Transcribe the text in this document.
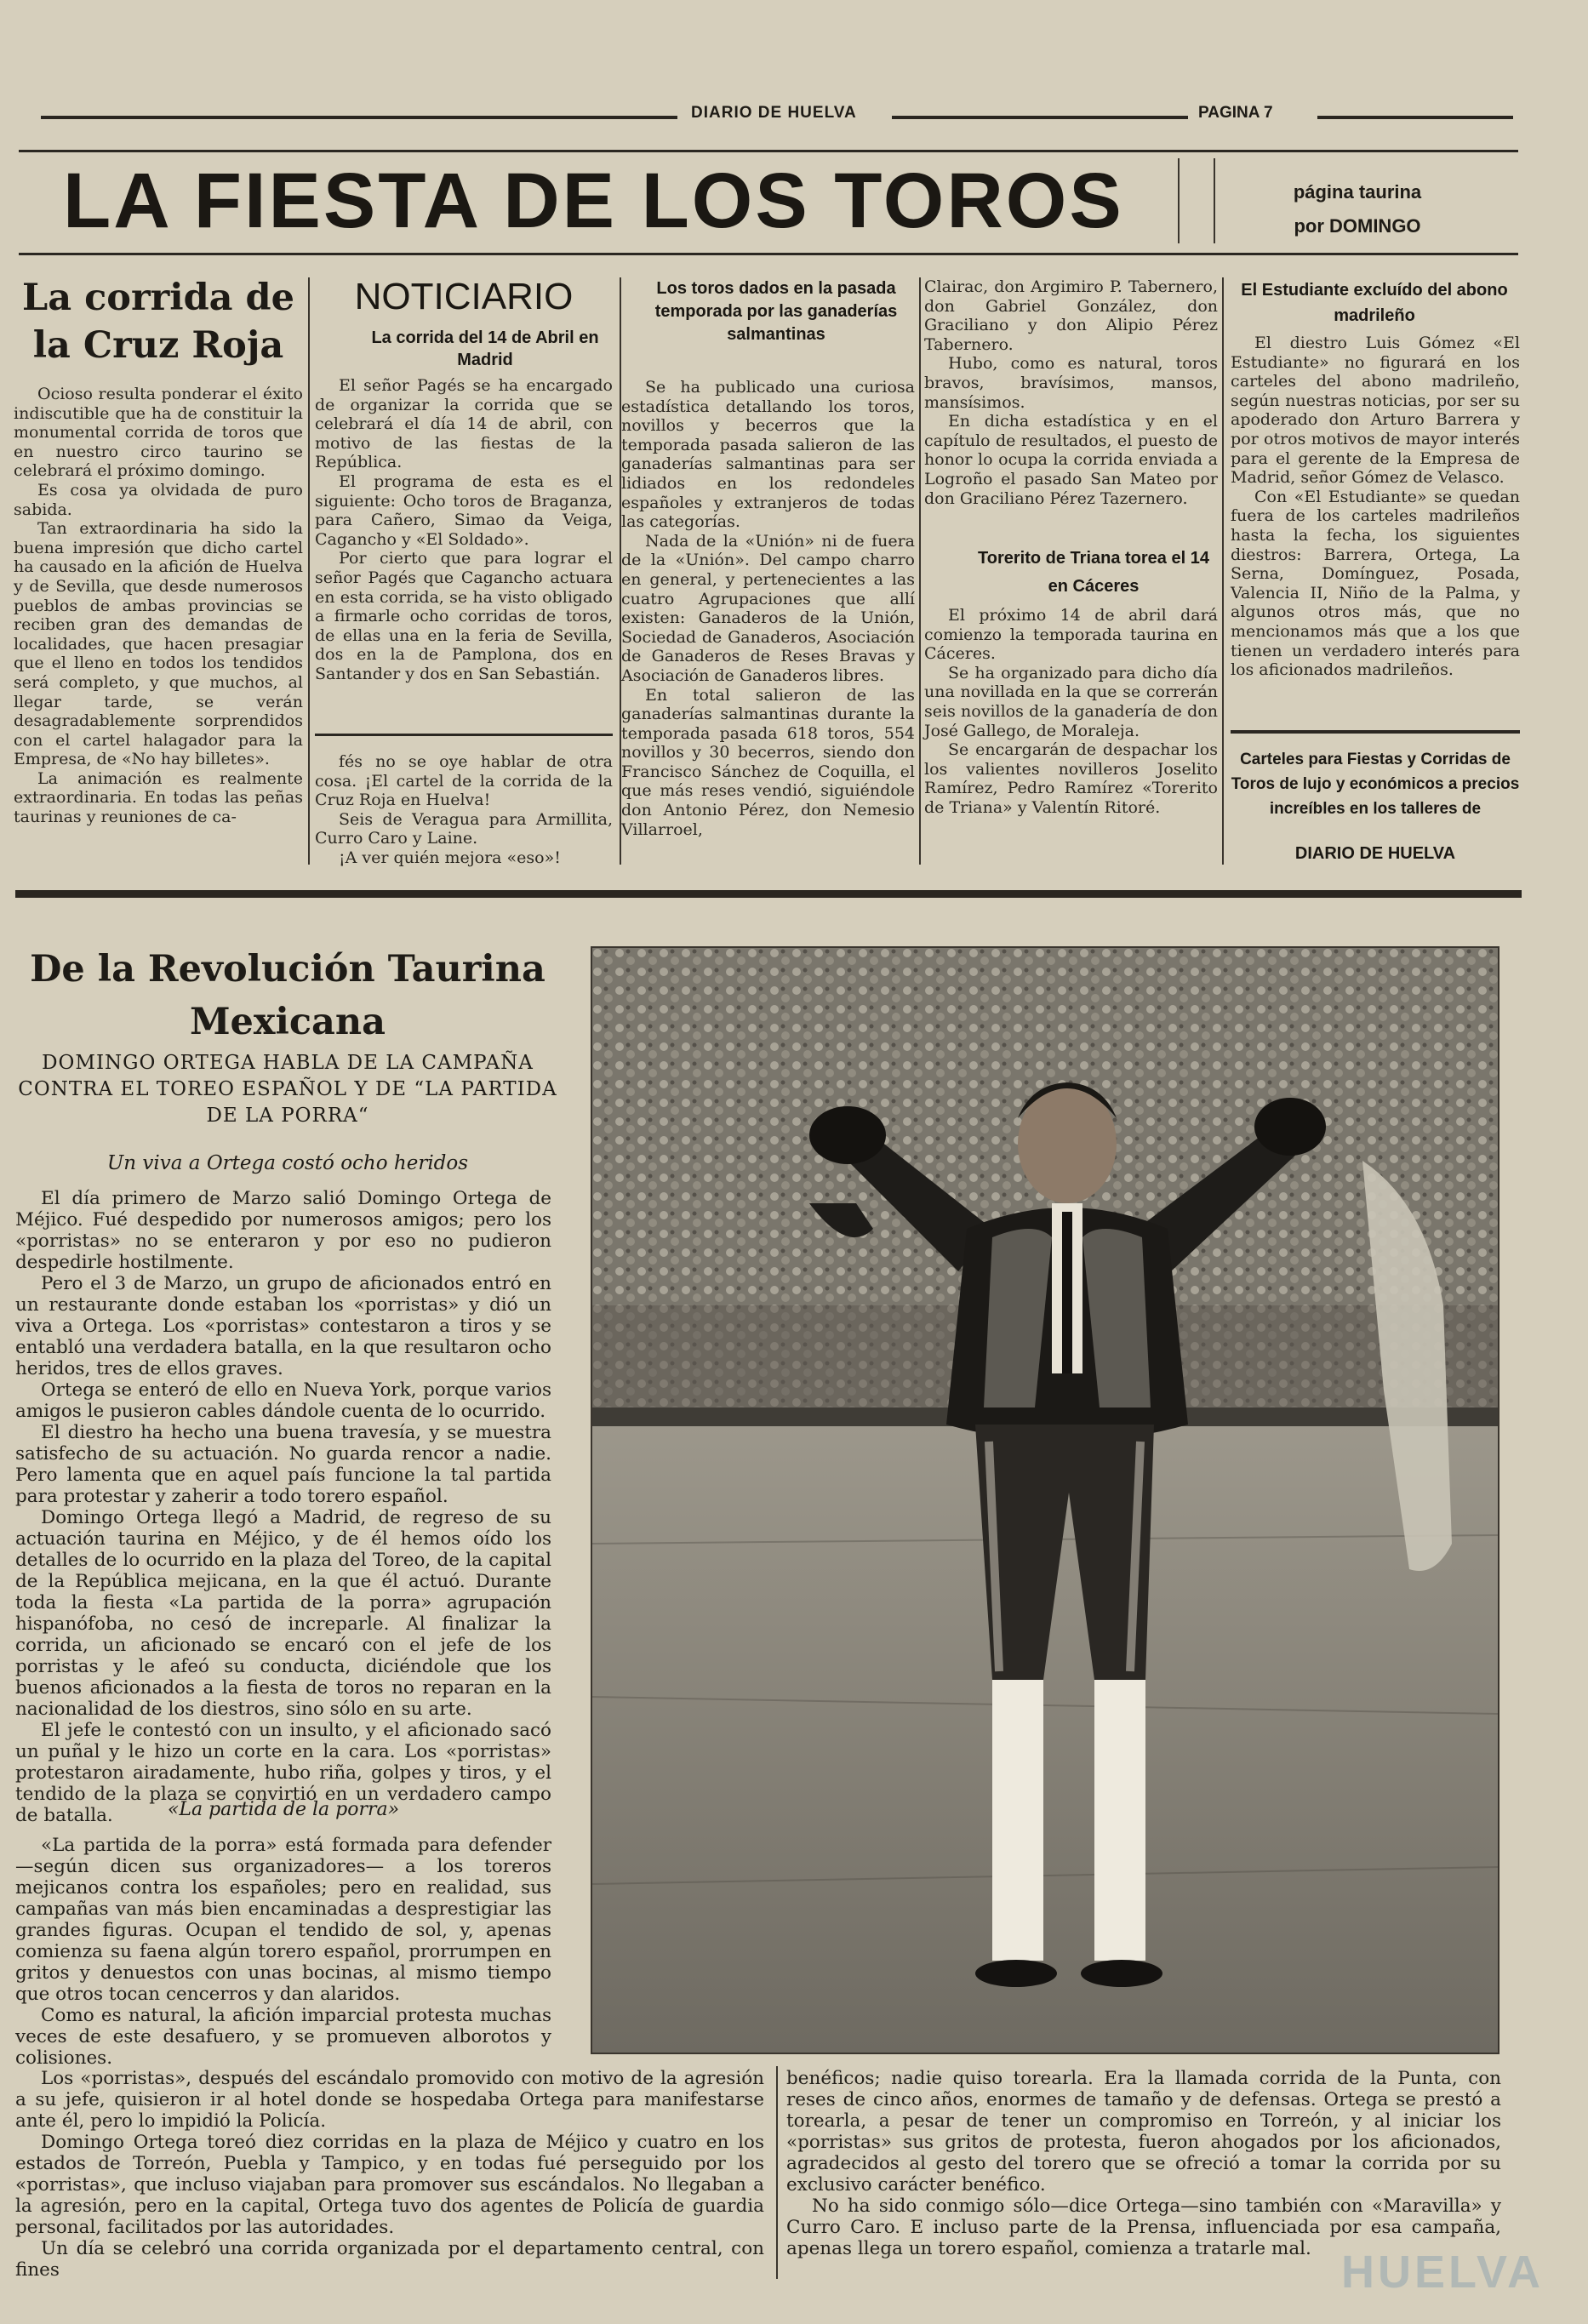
DIARIO DE HUELVA	PAGINA 7
LA FIESTA DE LOS TOROS	página taurina
por DOMINGO
La corrida de la Cruz Roja

Ocioso resulta ponderar el éxito indiscutible que ha de constituir la monumental corrida de toros que en nuestro circo taurino se celebrará el próximo domingo.

Es cosa ya olvidada de puro sabida.

Tan extraordinaria ha sido la buena impresión que dicho cartel ha causado en la afición de Huelva y de Sevilla, que desde numerosos pueblos de ambas provincias se reciben gran des demandas de localidades, que hacen presagiar que el lleno en todos los tendidos será completo, y que muchos, al llegar tarde, se verán desagradablemente sorprendidos con el cartel halagador para la Empresa, de «No hay billetes».

La animación es realmente extraordinaria. En todas las peñas taurinas y reuniones de ca-

NOTICIARIO
La corrida del 14 de Abril en Madrid

El señor Pagés se ha encargado de organizar la corrida que se celebrará el día 14 de abril, con motivo de las fiestas de la República.

El programa de esta es el siguiente: Ocho toros de Braganza, para Cañero, Simao da Veiga, Cagancho y «El Soldado».

Por cierto que para lograr el señor Pagés que Cagancho actuara en esta corrida, se ha visto obligado a firmarle ocho corridas de toros, de ellas una en la feria de Sevilla, dos en la de Pamplona, dos en Santander y dos en San Sebastián.

fés no se oye hablar de otra cosa. ¡El cartel de la corrida de la Cruz Roja en Huelva!

Seis de Veragua para Armillita, Curro Caro y Laine.

¡A ver quién mejora «eso»!

Los toros dados en la pasada temporada por las ganaderías salmantinas

Se ha publicado una curiosa estadística detallando los toros, novillos y becerros que la temporada pasada salieron de las ganaderías salmantinas para ser lidiados en los redondeles españoles y extranjeros de todas las categorías.

Nada de la «Unión» ni de fuera de la «Unión». Del campo charro en general, y pertenecientes a las cuatro Agrupaciones que allí existen: Ganaderos de la Unión, Sociedad de Ganaderos, Asociación de Ganaderos de Reses Bravas y Asociación de Ganaderos libres.

En total salieron de las ganaderías salmantinas durante la temporada pasada 618 toros, 554 novillos y 30 becerros, siendo don Francisco Sánchez de Coquilla, el que más reses vendió, siguiéndole don Antonio Pérez, don Nemesio Villarroel,

Clairac, don Argimiro P. Tabernero, don Gabriel González, don Graciliano y don Alipio Pérez Tabernero.

Hubo, como es natural, toros bravos, bravísimos, mansos, mansísimos.

En dicha estadística y en el capítulo de resultados, el puesto de honor lo ocupa la corrida enviada a Logroño el pasado San Mateo por don Graciliano Pérez Tazernero.

Torerito de Triana torea el 14 en Cáceres

El próximo 14 de abril dará comienzo la temporada taurina en Cáceres.

Se ha organizado para dicho día una novillada en la que se correrán seis novillos de la ganadería de don José Gallego, de Moraleja.

Se encargarán de despachar los los valientes novilleros Joselito Ramírez, Pedro Ramírez «Torerito de Triana» y Valentín Ritoré.

El Estudiante excluído del abono madrileño

El diestro Luis Gómez «El Estudiante» no figurará en los carteles del abono madrileño, según nuestras noticias, por ser su apoderado don Arturo Barrera y por otros motivos de mayor interés para el gerente de la Empresa de Madrid, señor Gómez de Velasco.

Con «El Estudiante» se quedan fuera de los carteles madrileños hasta la fecha, los siguientes diestros: Barrera, Ortega, La Serna, Domínguez, Posada, Valencia II, Niño de la Palma, y algunos otros más, que no mencionamos más que a los que tienen un verdadero interés para los aficionados madrileños.

Carteles para Fiestas y Corridas de Toros de lujo y económicos a precios increíbles en los talleres de
DIARIO DE HUELVA
De la Revolución Taurina
Mexicana
DOMINGO ORTEGA HABLA DE LA CAMPAÑA CONTRA EL TOREO ESPAÑOL Y DE “LA PARTIDA DE LA PORRA“
Un viva a Ortega costó ocho heridos

El día primero de Marzo salió Domingo Ortega de Méjico. Fué despedido por numerosos amigos; pero los «porristas» no se enteraron y por eso no pudieron despedirle hostilmente.

Pero el 3 de Marzo, un grupo de aficionados entró en un restaurante donde estaban los «porristas» y dió un viva a Ortega. Los «porristas» contestaron a tiros y se entabló una verdadera batalla, en la que resultaron ocho heridos, tres de ellos graves.

Ortega se enteró de ello en Nueva York, porque varios amigos le pusieron cables dándole cuenta de lo ocurrido.

El diestro ha hecho una buena travesía, y se muestra satisfecho de su actuación. No guarda rencor a nadie. Pero lamenta que en aquel país funcione la tal partida para protestar y zaherir a todo torero español.

Domingo Ortega llegó a Madrid, de regreso de su actuación taurina en Méjico, y de él hemos oído los detalles de lo ocurrido en la plaza del Toreo, de la capital de la República mejicana, en la que él actuó. Durante toda la fiesta «La partida de la porra» agrupación hispanófoba, no cesó de increparle. Al finalizar la corrida, un aficionado se encaró con el jefe de los porristas y le afeó su conducta, diciéndole que los buenos aficionados a la fiesta de toros no reparan en la nacionalidad de los diestros, sino sólo en su arte.

El jefe le contestó con un insulto, y el aficionado sacó un puñal y le hizo un corte en la cara. Los «porristas» protestaron airadamente, hubo riña, golpes y tiros, y el tendido de la plaza se convirtió en un verdadero campo de batalla.	«La partida de la porra»

«La partida de la porra» está formada para defender —según dicen sus organizadores— a los toreros mejicanos contra los españoles; pero en realidad, sus campañas van más bien encaminadas a desprestigiar las grandes figuras. Ocupan el tendido de sol, y, apenas comienza su faena algún torero español, prorrumpen en gritos y denuestos con unas bocinas, al mismo tiempo que otros tocan cencerros y dan alaridos.

Como es natural, la afición imparcial protesta muchas veces de este desafuero, y se promueven alborotos y colisiones.

Los «porristas», después del escándalo promovido con motivo de la agresión a su jefe, quisieron ir al hotel donde se hospedaba Ortega para manifestarse ante él, pero lo impidió la Policía.

Domingo Ortega toreó diez corridas en la plaza de Méjico y cuatro en los estados de Torreón, Puebla y Tampico, y en todas fué perseguido por los «porristas», que incluso viajaban para promover sus escándalos. No llegaban a la agresión, pero en la capital, Ortega tuvo dos agentes de Policía de guardia personal, facilitados por las autoridades.

Un día se celebró una corrida organizada por el departamento central, con fines

benéficos; nadie quiso torearla. Era la llamada corrida de la Punta, con reses de cinco años, enormes de tamaño y de defensas. Ortega se prestó a torearla, a pesar de tener un compromiso en Torreón, y al iniciar los «porristas» sus gritos de protesta, fueron ahogados por los aficionados, agradecidos al gesto del torero que se ofreció a tomar la corrida por su exclusivo carácter benéfico.

No ha sido conmigo sólo—dice Ortega—sino también con «Maravilla» y Curro Caro. E incluso parte de la Prensa, influenciada por esa campaña, apenas llega un torero español, comienza a tratarle mal. HUELVA
